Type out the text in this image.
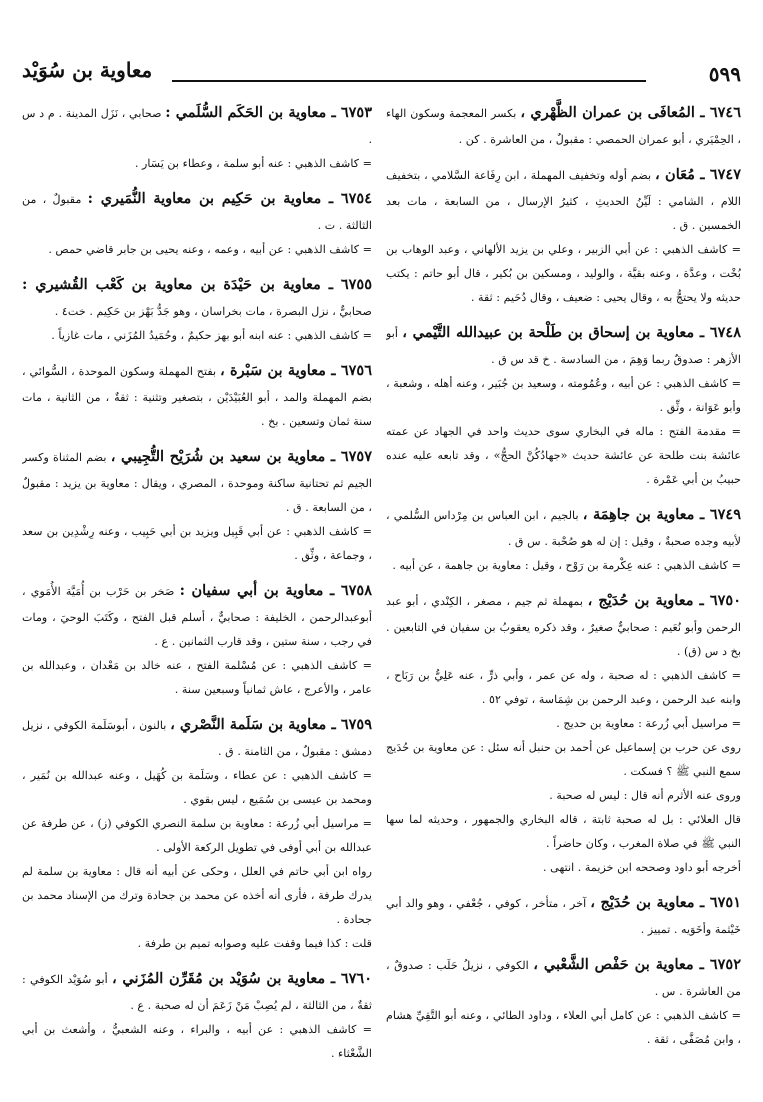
معاوية بن سُوَيْد	٥٩٩

٦٧٤٦ ـ المُعافَى بن عمران الظَّهْري ، بكسر المعجمة وسكون الهاء ، الحِمْيَري ، أبو عمران الحمصي : مقبولٌ ، من العاشرة . كن .

٦٧٤٧ ـ مُعَان ، بضم أوله وتخفيف المهملة ، ابن رِفَاعة السَّلامي ، بتخفيف اللام ، الشامي : لَيِّنُ الحديثِ ، كثيرُ الإرسال ، من السابعة ، مات بعد الخمسين . ق .
= كاشف الذهبي : عن أبي الزبير ، وعلي بن يزيد الألهاني ، وعبد الوهاب بن بُخْت ، وعدَّة ، وعنه بقيَّة ، والوليد ، ومسكين بن بُكير ، قال أبو حاتم : يكتب حديثه ولا يحتجُّ به ، وقال يحيى : ضعيف ، وقال دُحَيم : ثقة .

٦٧٤٨ ـ معاوية بن إسحاق بن طَلْحة بن عبيدالله التَّيْمي ، أبو الأزهر : صدوقٌ ربما وَهِمَ ، من السادسة . خ قد س ق .
= كاشف الذهبي : عن أبيه ، وعُمُومته ، وسعيد بن جُبَير ، وعنه أهله ، وشعبة ، وأبو عَوَانة ، وثِّق .
= مقدمة الفتح : ماله في البخاري سوى حديث واحد في الجهاد عن عمته عائشة بنت طلحة عن عائشة حديث «جهادُكُنَّ الحجُّ» ، وقد تابعه عليه عنده حبيبُ بن أبي عَمْرة .

٦٧٤٩ ـ معاوية بن جاهِمَة ، بالجيم ، ابن العباس بن مِرْداس السُّلمي ، لأبيه وجده صحبةٌ ، وقيل : إن له هو صُحْبة . س ق .
= كاشف الذهبي : عنه عِكْرمة بن رَوْح ، وقيل : معاوية بن جاهمة ، عن أبيه .

٦٧٥٠ ـ معاوية بن حُدَيْج ، بمهملة ثم جيم ، مصغر ، الكِنْدي ، أبو عبد الرحمن وأبو نُعَيم : صحابيٌّ صغيرٌ ، وقد ذكره يعقوبُ بن سفيان في التابعين . بخ د س (ق) .
= كاشف الذهبي : له صحبة ، وله عن عمر ، وأبي ذرٍّ ، عنه عَلِيُّ بن رَبَاح ، وابنه عبد الرحمن ، وعبد الرحمن بن شِمَاسة ، توفي ٥٢ .
= مراسيل أبي زُرعة : معاوية بن حديج .
روى عن حرب بن إسماعيل عن أحمد بن حنبل أنه سئل : عن معاوية بن حُدَيج سمع النبي ﷺ ؟ فسكت .
وروى عنه الأثرم أنه قال : ليس له صحبة .
قال العلائي : بل له صحبة ثابتة ، قاله البخاري والجمهور ، وحديثه لما سها النبي ﷺ في صلاة المغرب ، وكان حاضراً .
أخرجه أبو داود وصححه ابن خزيمة . انتهى .

٦٧٥١ ـ معاوية بن حُدَيْج ، آخر ، متأخر ، كوفي ، جُعْفي ، وهو والد أبي خَيْثمة وأخَوَيه . تمييز .

٦٧٥٢ ـ معاوية بن حَفْص الشَّعْبي ، الكوفي ، نزيلُ حَلَب : صدوقٌ ، من العاشرة . س .
= كاشف الذهبي : عن كامل أبي العلاء ، وداود الطائي ، وعنه أبو التَّقِيِّ هشام ، وابن مُصَفَّى ، ثقة .

٦٧٥٣ ـ معاوية بن الحَكَم السُّلَمي : صحابي ، نَزَل المدينة . م د س .
= كاشف الذهبي : عنه أبو سلمة ، وعطاء بن يَسَار .

٦٧٥٤ ـ معاوية بن حَكِيم بن معاوية النُّمَيري : مقبولٌ ، من الثالثة . ت .
= كاشف الذهبي : عن أبيه ، وعمه ، وعنه يحيى بن جابر قاضي حمص .

٦٧٥٥ ـ معاوية بن حَيْدَة بن معاوية بن كَعْب القُشيري : صحابيٌّ ، نزل البصرة ، مات بخراسان ، وهو جَدُّ بَهْز بن حَكِيم . خت٤ .
= كاشف الذهبي : عنه ابنه أبو بهز حكيمٌ ، وحُمَيدُ المُزَني ، مات غازياً .

٦٧٥٦ ـ معاوية بن سَبْرة ، بفتح المهملة وسكون الموحدة ، السُّوائي ، بضم المهملة والمد ، أبو العُبَيْدَيْن ، بتصغير وتثنية : ثقةٌ ، من الثانية ، مات سنة ثمان وتسعين . بخ .

٦٧٥٧ ـ معاوية بن سعيد بن شُرَيْح التُّجِيبي ، بضم المثناة وكسر الجيم ثم تحتانية ساكنة وموحدة ، المصري ، ويقال : معاوية بن يزيد : مقبولٌ ، من السابعة . ق .
= كاشف الذهبي : عن أبي قَبِيل ويزيد بن أبي حَبِيب ، وعنه رِشْدِين بن سعد ، وجماعة ، وثِّق .

٦٧٥٨ ـ معاوية بن أبي سفيان : صَخر بن حَرْب بن أُمَيَّة الأُمَوي ، أبوعبدالرحمن ، الخليفة : صحابيٌّ ، أسلم قبل الفتح ، وكَتَبَ الوحيَ ، ومات في رجب ، سنة ستين ، وقد قارب الثمانين . ع .
= كاشف الذهبي : عن مُسْلمة الفتح ، عنه خالد بن مَعْدان ، وعبدالله بن عامر ، والأعرج ، عاش ثمانياً وسبعين سنة .

٦٧٥٩ ـ معاوية بن سَلَمة النَّصْري ، بالنون ، أبوسَلَمة الكوفي ، نزيل دمشق : مقبولٌ ، من الثامنة . ق .
= كاشف الذهبي : عن عطاء ، وسَلَمة بن كُهَيل ، وعنه عبدالله بن نُمَير ، ومحمد بن عيسى بن سُمَيع ، ليس بقوي .
= مراسيل أبي زُرعة : معاوية بن سلمة النصري الكوفي (ز) ، عن طرفة عن عبدالله بن أبي أوفى في تطويل الركعة الأولى .
رواه ابن أبي حاتم في العلل ، وحكى عن أبيه أنه قال : معاوية بن سلمة لم يدرك طرفة ، فأرى أنه أخذه عن محمد بن جحادة وترك من الإسناد محمد بن جحادة .
قلت : كذا فيما وقفت عليه وصوابه تميم بن طرفة .

٦٧٦٠ ـ معاوية بن سُوَيْد بن مُقَرِّن المُزَني ، أبو سُوَيْد الكوفي : ثقةٌ ، من الثالثة ، لم يُصِبْ مَنْ زَعَمَ أن له صحبة . ع .
= كاشف الذهبي : عن أبيه ، والبراء ، وعنه الشعبيُّ ، وأشعث بن أبي الشَّعْثاء .
